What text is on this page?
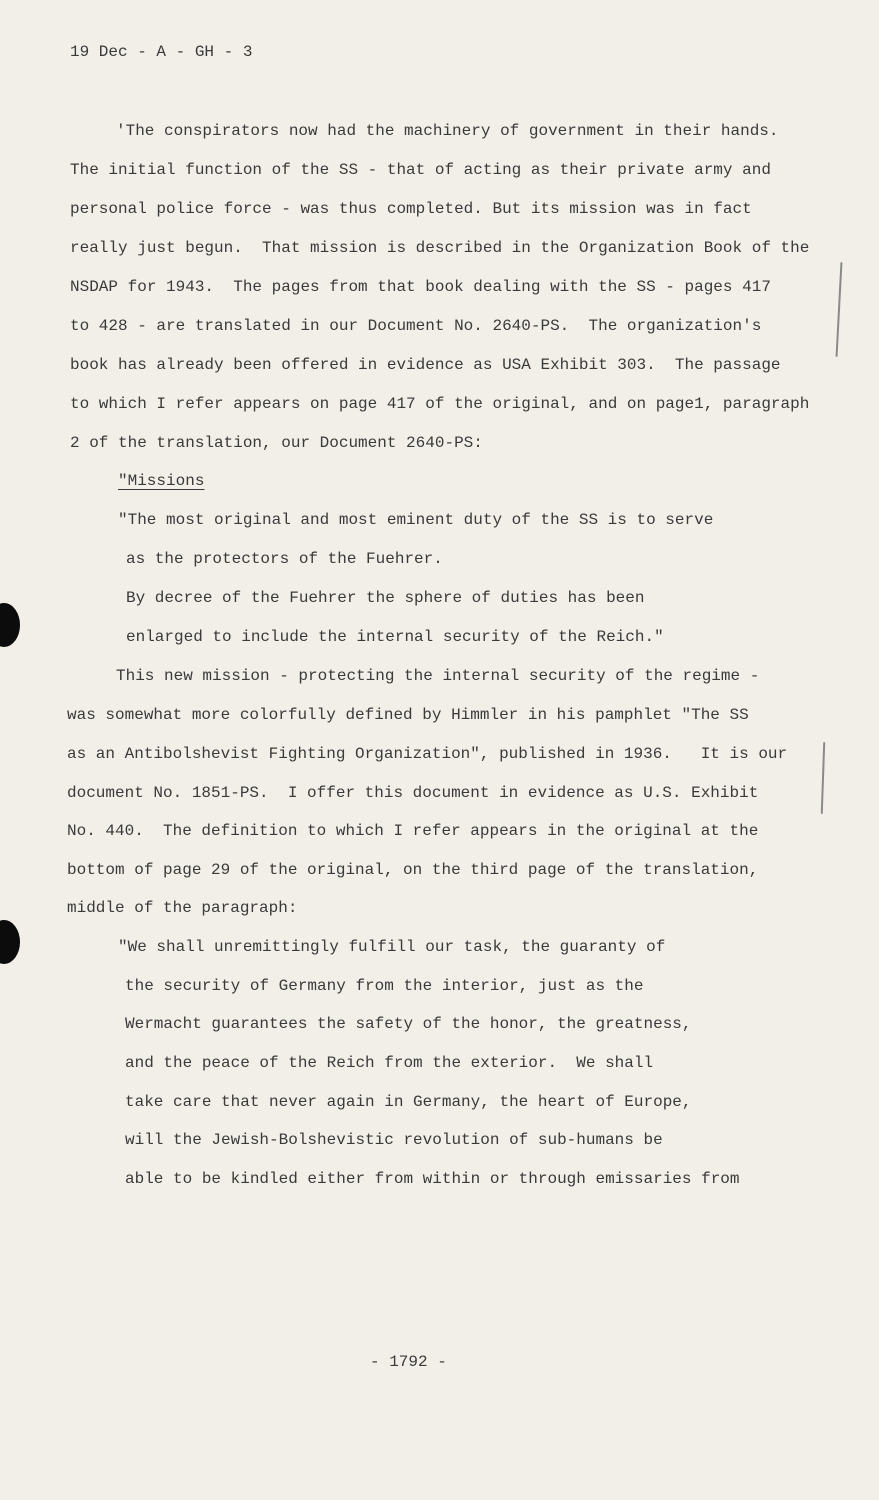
19 Dec - A - GH - 3
'The conspirators now had the machinery of government in their hands.
The initial function of the SS - that of acting as their private army and
personal police force - was thus completed. But its mission was in fact
really just begun.  That mission is described in the Organization Book of the
NSDAP for 1943.  The pages from that book dealing with the SS - pages 417
to 428 - are translated in our Document No. 2640-PS.  The organization's
book has already been offered in evidence as USA Exhibit 303.  The passage
to which I refer appears on page 417 of the original, and on page1, paragraph
2 of the translation, our Document 2640-PS:
"Missions
"The most original and most eminent duty of the SS is to serve
as the protectors of the Fuehrer.
By decree of the Fuehrer the sphere of duties has been
enlarged to include the internal security of the Reich."
This new mission - protecting the internal security of the regime -
was somewhat more colorfully defined by Himmler in his pamphlet "The SS
as an Antibolshevist Fighting Organization", published in 1936.   It is our
document No. 1851-PS.  I offer this document in evidence as U.S. Exhibit
No. 440.  The definition to which I refer appears in the original at the
bottom of page 29 of the original, on the third page of the translation,
middle of the paragraph:
"We shall unremittingly fulfill our task, the guaranty of
the security of Germany from the interior, just as the
Wermacht guarantees the safety of the honor, the greatness,
and the peace of the Reich from the exterior.  We shall
take care that never again in Germany, the heart of Europe,
will the Jewish-Bolshevistic revolution of sub-humans be
able to be kindled either from within or through emissaries from
- 1792 -
